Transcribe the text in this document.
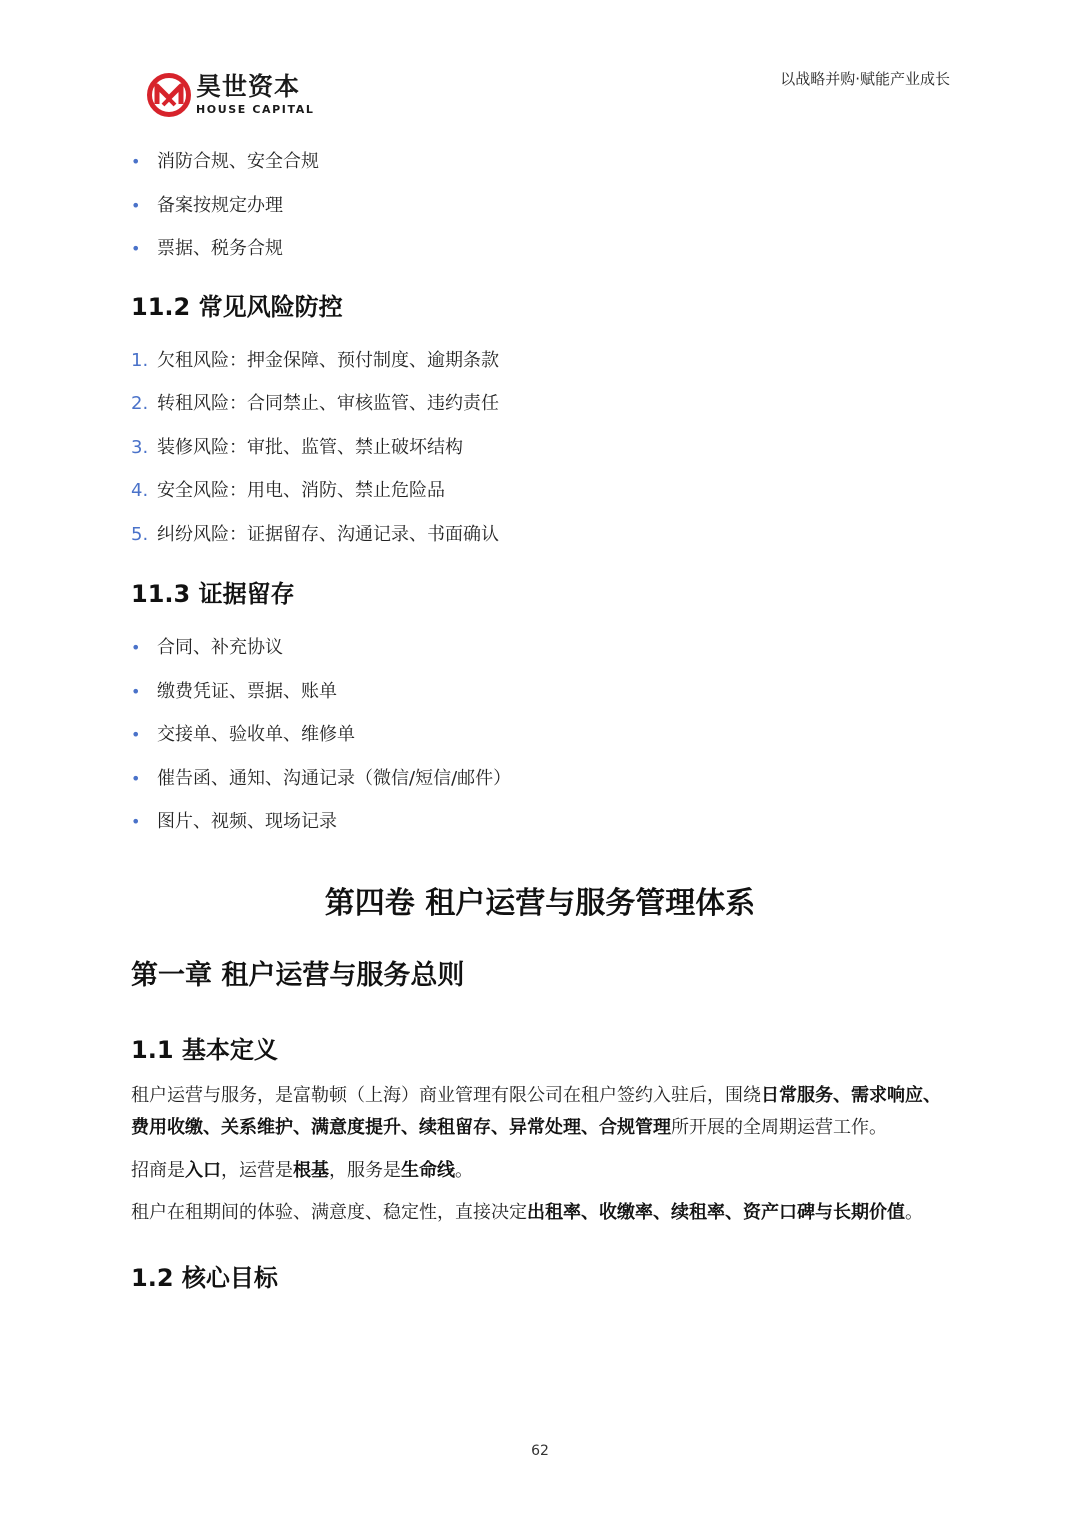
昊世资本
HOUSE CAPITAL
以战略并购·赋能产业成长
• 消防合规、安全合规
• 备案按规定办理
• 票据、税务合规
11.2 常见风险防控
1. 欠租风险：押金保障、预付制度、逾期条款
2. 转租风险：合同禁止、审核监管、违约责任
3. 装修风险：审批、监管、禁止破坏结构
4. 安全风险：用电、消防、禁止危险品
5. 纠纷风险：证据留存、沟通记录、书面确认
11.3 证据留存
• 合同、补充协议
• 缴费凭证、票据、账单
• 交接单、验收单、维修单
• 催告函、通知、沟通记录（微信/短信/邮件）
• 图片、视频、现场记录
第四卷 租户运营与服务管理体系
第一章 租户运营与服务总则
1.1 基本定义

租户运营与服务，是富勒顿（上海）商业管理有限公司在租户签约入驻后，围绕日常服务、需求响应、费用收缴、关系维护、满意度提升、续租留存、异常处理、合规管理所开展的全周期运营工作。

招商是入口，运营是根基，服务是生命线。

租户在租期间的体验、满意度、稳定性，直接决定出租率、收缴率、续租率、资产口碑与长期价值。

1.2 核心目标
62
